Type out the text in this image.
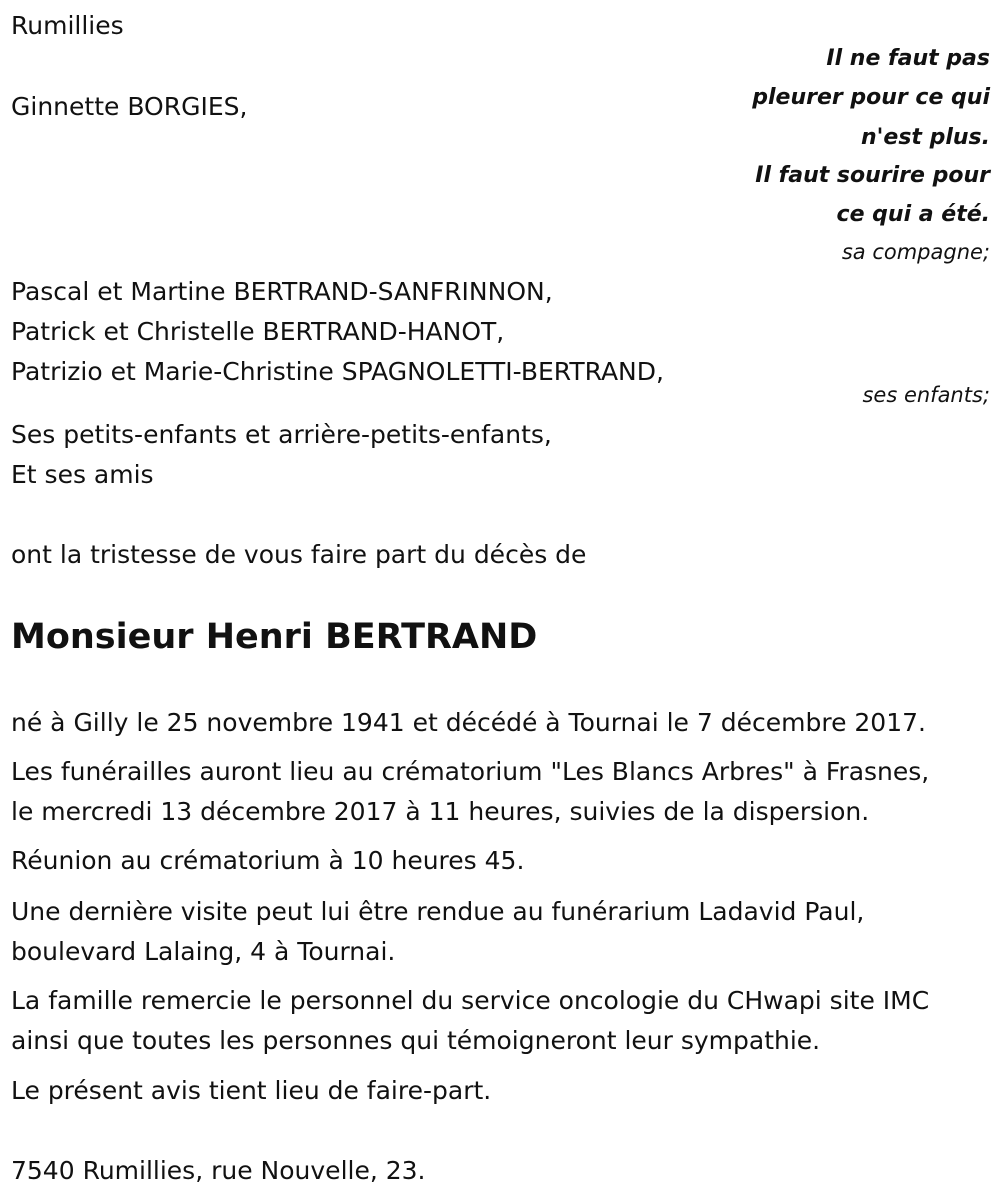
Rumillies
Il ne faut pas
pleurer pour ce qui
n'est plus.
Il faut sourire pour
ce qui a été.
Ginnette BORGIES,
sa compagne;
Pascal et Martine BERTRAND-SANFRINNON,
Patrick et Christelle BERTRAND-HANOT,
Patrizio et Marie-Christine SPAGNOLETTI-BERTRAND,
ses enfants;
Ses petits-enfants et arrière-petits-enfants,
Et ses amis
ont la tristesse de vous faire part du décès de
Monsieur Henri BERTRAND
né à Gilly le 25 novembre 1941 et décédé à Tournai le 7 décembre 2017.
Les funérailles auront lieu au crématorium "Les Blancs Arbres" à Frasnes,
le mercredi 13 décembre 2017 à 11 heures, suivies de la dispersion.
Réunion au crématorium à 10 heures 45.
Une dernière visite peut lui être rendue au funérarium Ladavid Paul,
boulevard Lalaing, 4 à Tournai.
La famille remercie le personnel du service oncologie du CHwapi site IMC
ainsi que toutes les personnes qui témoigneront leur sympathie.
Le présent avis tient lieu de faire-part.
7540 Rumillies, rue Nouvelle, 23.
